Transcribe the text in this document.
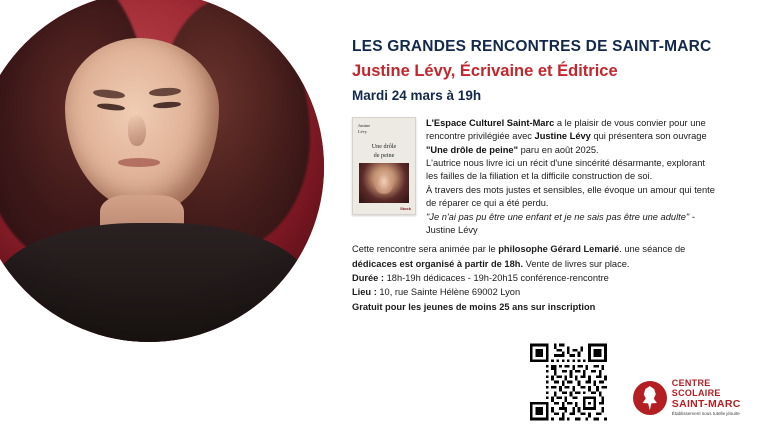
LES GRANDES RENCONTRES DE SAINT-MARC
Justine Lévy, Écrivaine et Éditrice
Mardi 24 mars à 19h
Justine
Lévy
Une drôle
de peine
Stock

L'Espace Culturel Saint-Marc a le plaisir de vous convier pour une

rencontre privilégiée avec Justine Lévy qui présentera son ouvrage

"Une drôle de peine" paru en août 2025.

L'autrice nous livre ici un récit d'une sincérité désarmante, explorant

les failles de la filiation et la difficile construction de soi.

À travers des mots justes et sensibles, elle évoque un amour qui tente

de réparer ce qui a été perdu.

"Je n'ai pas pu être une enfant et je ne sais pas être une adulte" -

Justine Lévy

Cette rencontre sera animée par le philosophe Gérard Lemarié. une séance de

dédicaces est organisé à partir de 18h. Vente de livres sur place.

Durée : 18h-19h dédicaces - 19h-20h15 conférence-rencontre

Lieu : 10, rue Sainte Hélène 69002 Lyon

Gratuit pour les jeunes de moins 25 ans sur inscription

CENTRE SCOLAIRE
SAINT-MARC
Établissement sous tutelle jésuite
